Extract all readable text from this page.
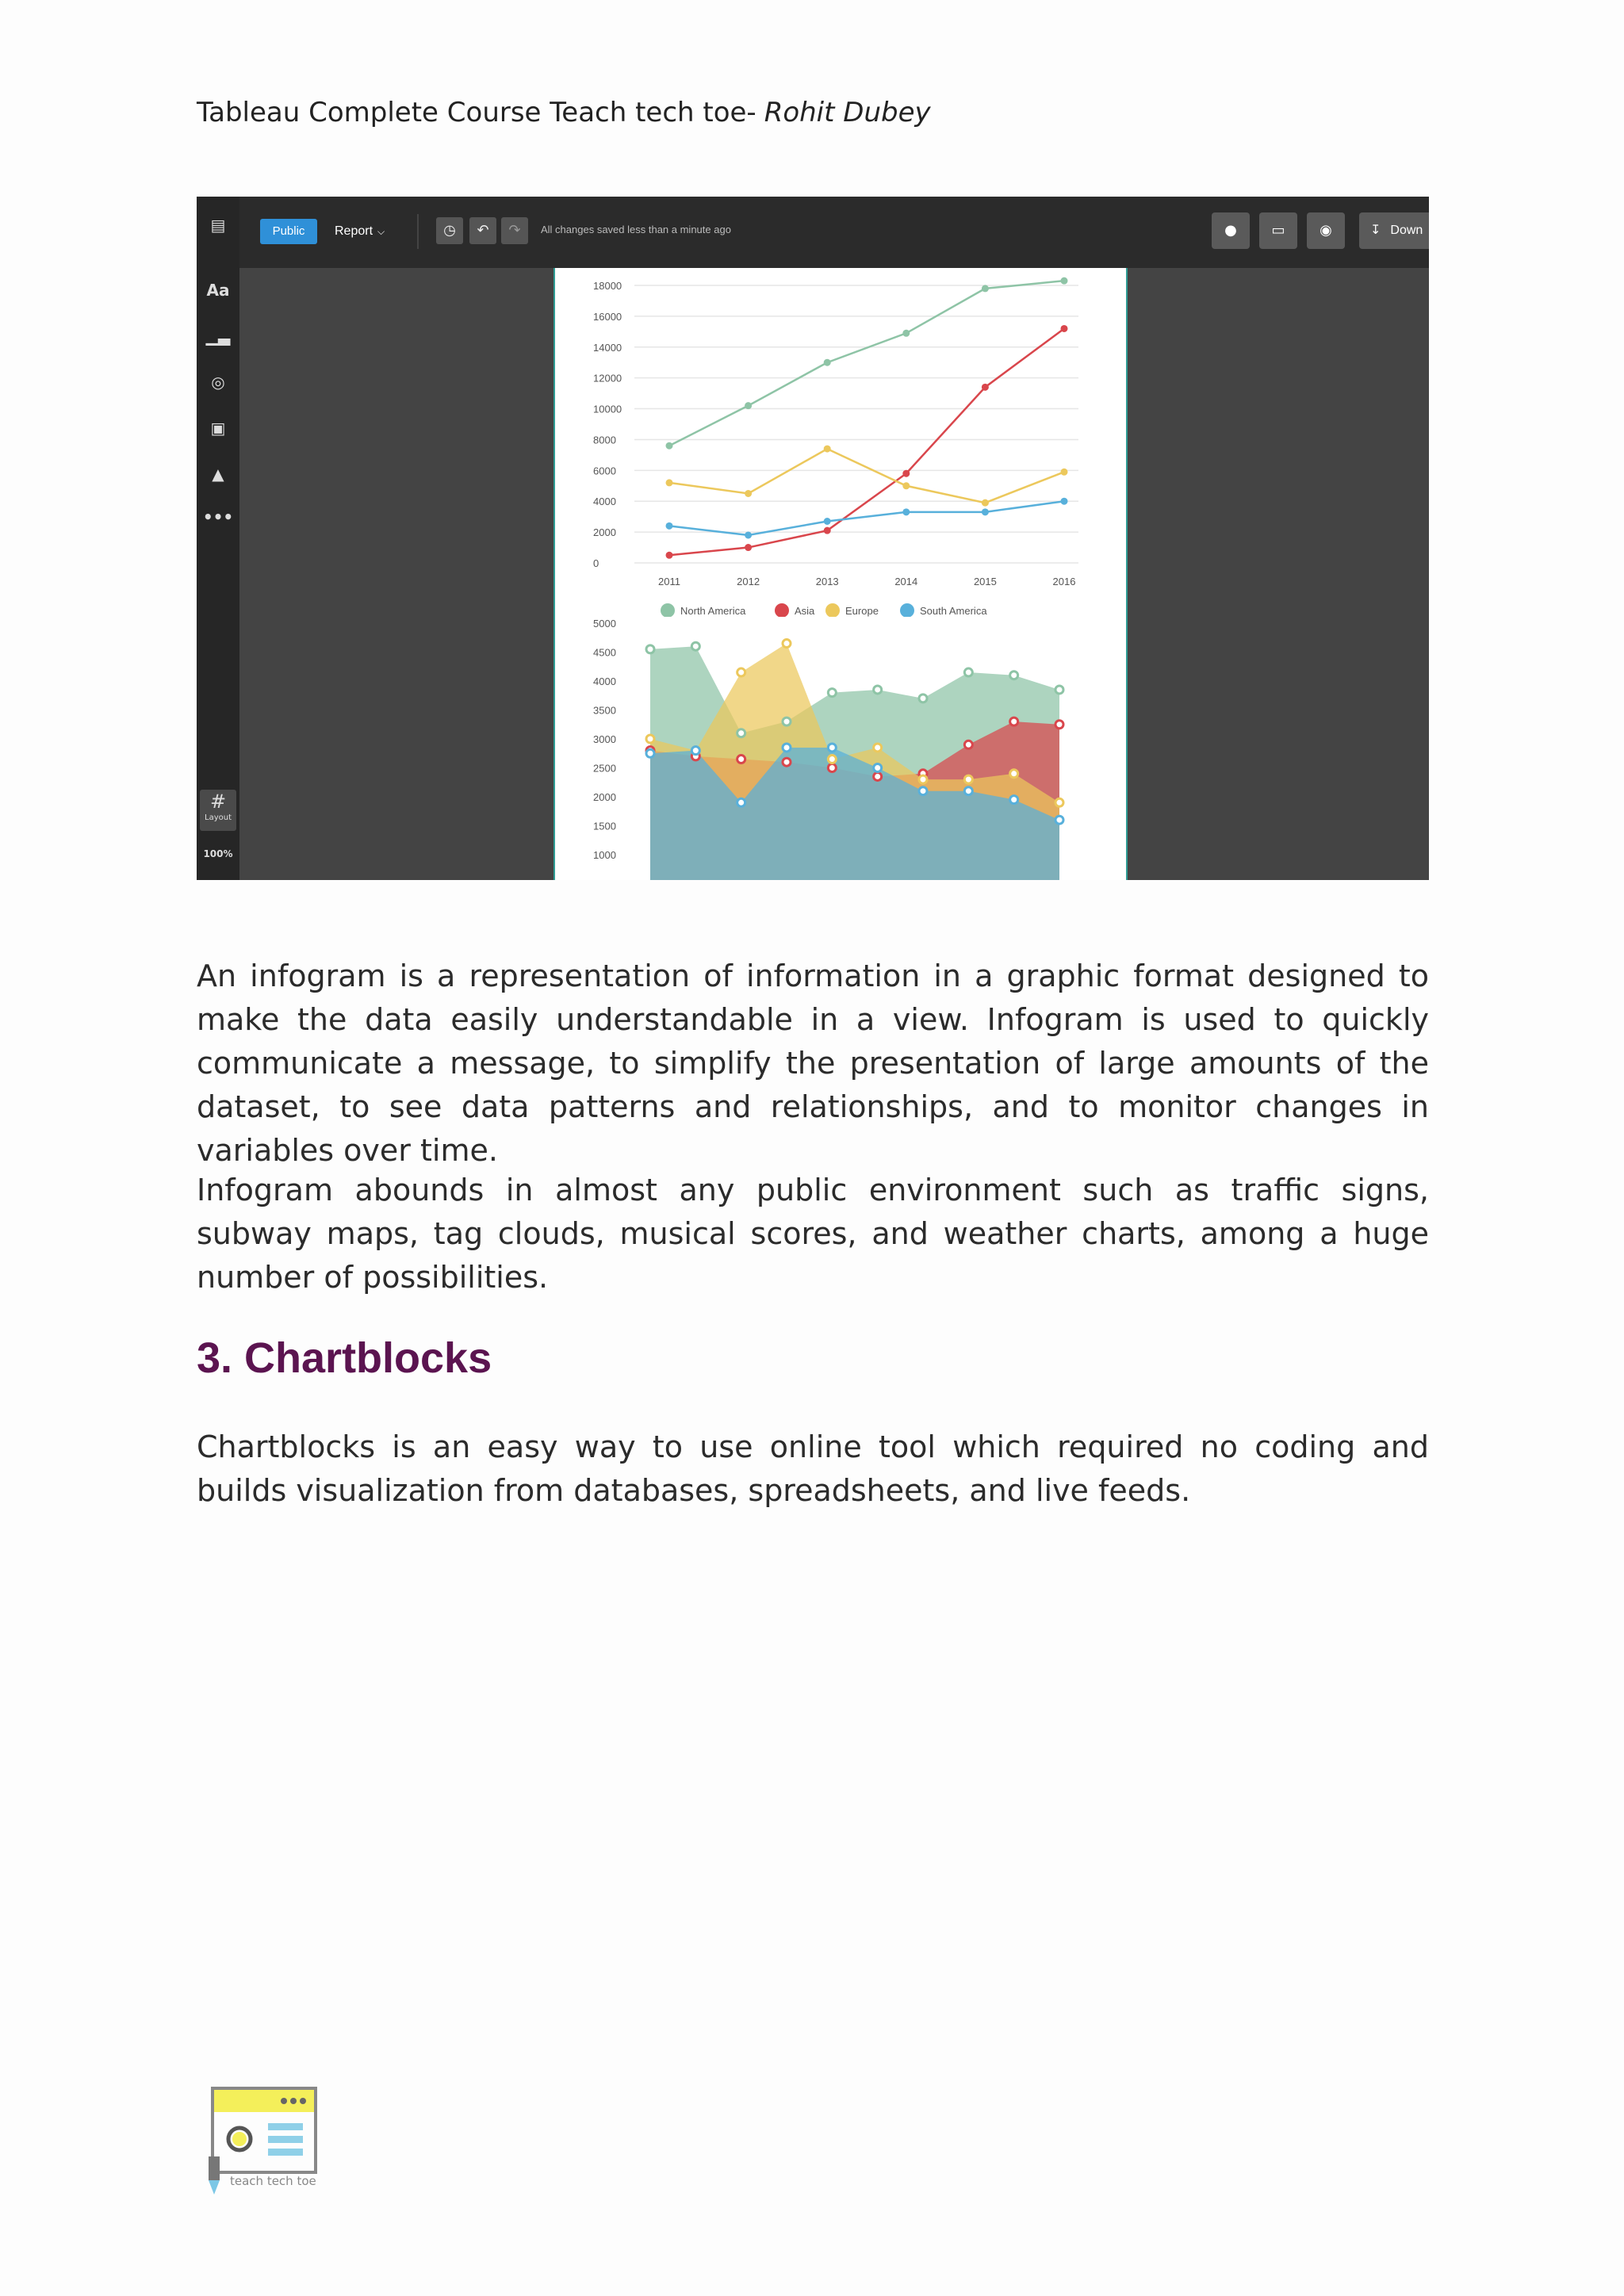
Tableau Complete Course Teach tech toe- Rohit Dubey
Public	Report ⌵	◷	↶	↷	All changes saved less than a minute ago	●	▭	◉	↧ Down
▤
Aa
▁▃
◎
▣
▲
•••
#
Layout
100%
0
2000
4000
6000
8000
10000
12000
14000
16000
18000
2011	2012	2013	2014	2015	2016
North America	Asia	Europe	South America
1000
1500
2000
2500
3000
3500
4000
4500
5000
An infogram is a representation of information in a graphic format designed to make the data easily understandable in a view. Infogram is used to quickly communicate a message, to simplify the presentation of large amounts of the dataset, to see data patterns and relationships, and to monitor changes in variables over time.
Infogram abounds in almost any public environment such as traffic signs, subway maps, tag clouds, musical scores, and weather charts, among a huge number of possibilities.
3. Chartblocks
Chartblocks is an easy way to use online tool which required no coding and builds visualization from databases, spreadsheets, and live feeds.
teach tech toe
